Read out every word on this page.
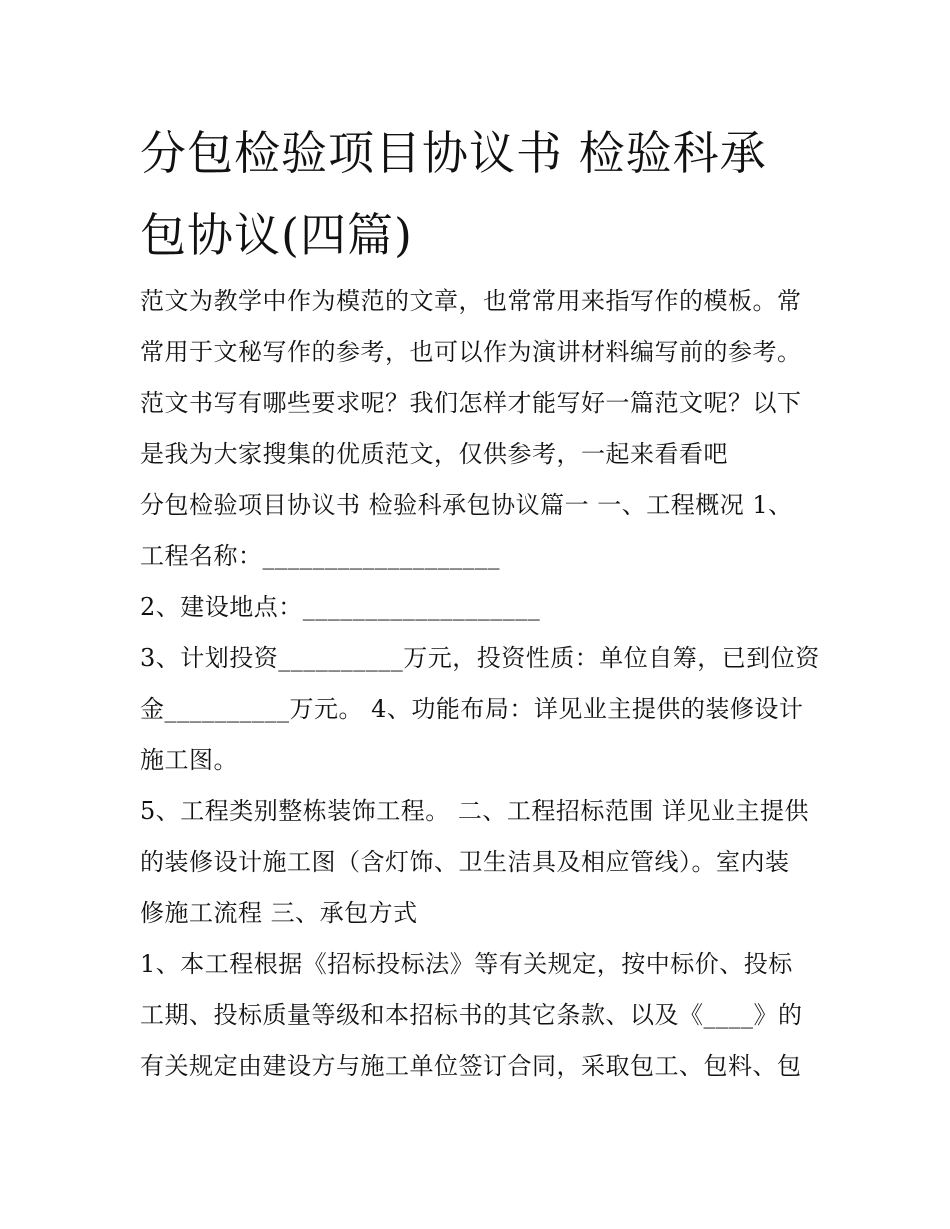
分包检验项目协议书 检验科承
包协议(四篇)
范文为教学中作为模范的文章，也常常用来指写作的模板。常
常用于文秘写作的参考，也可以作为演讲材料编写前的参考。
范文书写有哪些要求呢？我们怎样才能写好一篇范文呢？以下
是我为大家搜集的优质范文，仅供参考，一起来看看吧
分包检验项目协议书 检验科承包协议篇一 一、工程概况 1、
工程名称：___________________
2、建设地点：___________________
3、计划投资__________万元，投资性质：单位自筹，已到位资
金__________万元。 4、功能布局：详见业主提供的装修设计
施工图。
5、工程类别整栋装饰工程。 二、工程招标范围 详见业主提供
的装修设计施工图（含灯饰、卫生洁具及相应管线）。室内装
修施工流程 三、承包方式
1、本工程根据《招标投标法》等有关规定，按中标价、投标
工期、投标质量等级和本招标书的其它条款、以及《____》的
有关规定由建设方与施工单位签订合同，采取包工、包料、包
